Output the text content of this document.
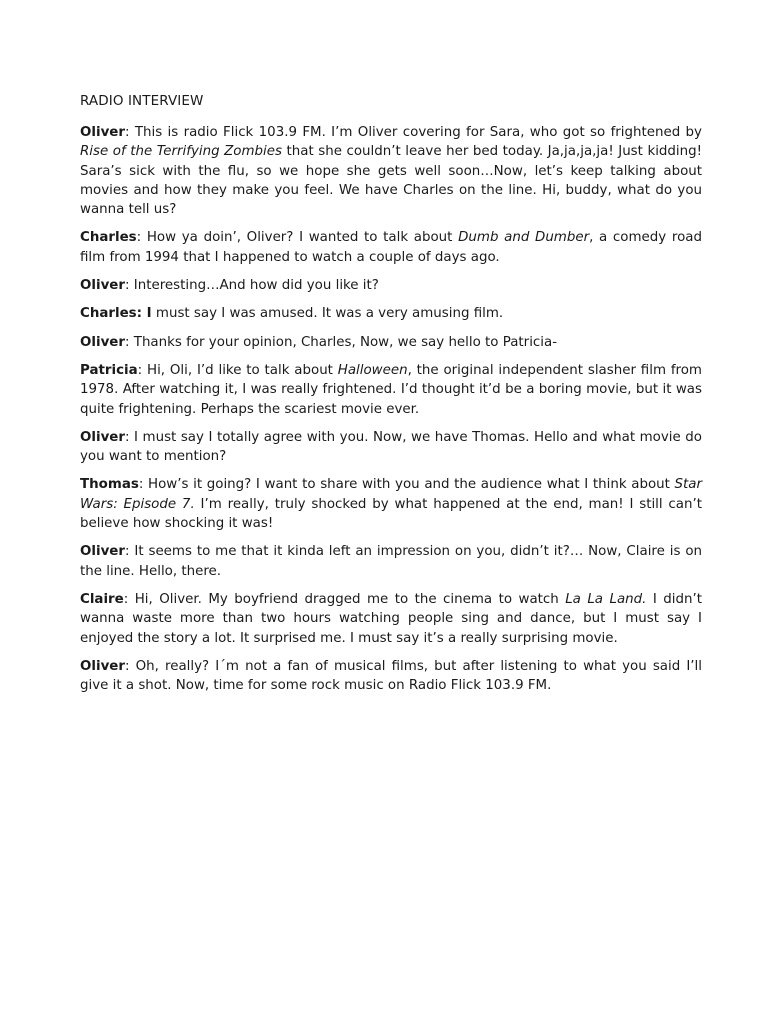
RADIO INTERVIEW

Oliver: This is radio Flick 103.9 FM. I’m Oliver covering for Sara, who got so frightened by Rise of the Terrifying Zombies that she couldn’t leave her bed today. Ja,ja,ja,ja! Just kidding! Sara’s sick with the flu, so we hope she gets well soon…Now, let’s keep talking about movies and how they make you feel. We have Charles on the line. Hi, buddy, what do you wanna tell us?

Charles: How ya doin’, Oliver? I wanted to talk about Dumb and Dumber, a comedy road film from 1994 that I happened to watch a couple of days ago.

Oliver: Interesting…And how did you like it?

Charles: I must say I was amused. It was a very amusing film.

Oliver: Thanks for your opinion, Charles, Now, we say hello to Patricia-

Patricia: Hi, Oli, I’d like to talk about Halloween, the original independent slasher film from 1978. After watching it, I was really frightened. I’d thought it’d be a boring movie, but it was quite frightening. Perhaps the scariest movie ever.

Oliver: I must say I totally agree with you. Now, we have Thomas. Hello and what movie do you want to mention?

Thomas: How’s it going? I want to share with you and the audience what I think about Star Wars: Episode 7. I’m really, truly shocked by what happened at the end, man! I still can’t believe how shocking it was!

Oliver: It seems to me that it kinda left an impression on you, didn’t it?… Now, Claire is on the line. Hello, there.

Claire: Hi, Oliver. My boyfriend dragged me to the cinema to watch La La Land. I didn’t wanna waste more than two hours watching people sing and dance, but I must say I enjoyed the story a lot. It surprised me. I must say it’s a really surprising movie.

Oliver: Oh, really? I´m not a fan of musical films, but after listening to what you said I’ll give it a shot. Now, time for some rock music on Radio Flick 103.9 FM.
